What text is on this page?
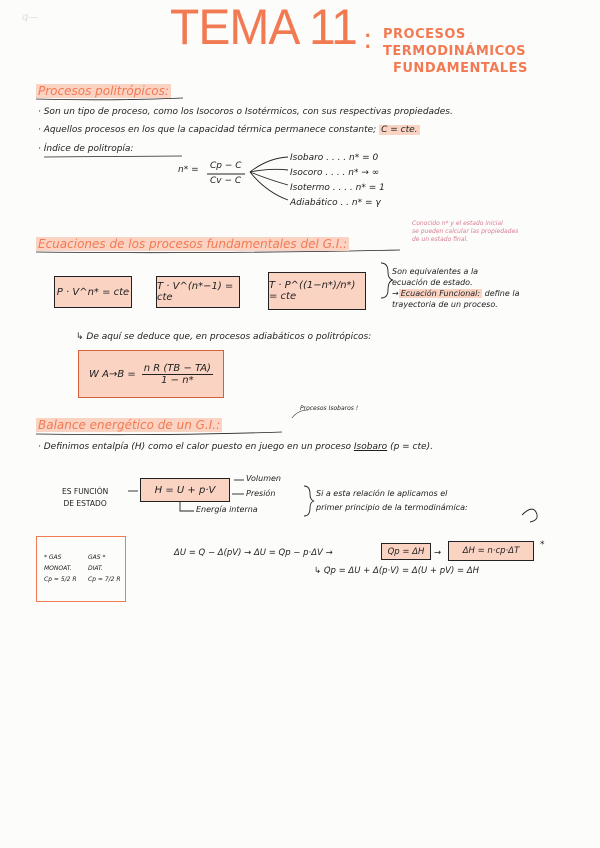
q—	TEMA 11 : PROCESOS TERMODINÁMICOS
FUNDAMENTALES
Procesos politrópicos:
· Son un tipo de proceso, como los Isocoros o Isotérmicos, con sus respectivas propiedades.
· Aquellos procesos en los que la capacidad térmica permanece constante; C = cte.
· Índice de politropía:
n* = Cp − C
Cv − C
Isobaro . . . . n* = 0
Isocoro . . . . n* → ∞
Isotermo . . . . n* = 1
Adiabático . . n* = γ
Ecuaciones de los procesos fundamentales del G.I.:
Conocido n* y el estado inicial
se pueden calcular las propiedades
de un estado final.
P · V^n* = cte	T · V^(n*−1) = cte
T · P^((1−n*)/n*) = cte
Son equivalentes a la
ecuación de estado.
→ Ecuación Funcional: define la
trayectoria de un proceso.
↳ De aquí se deduce que, en procesos adiabáticos o politrópicos:
W $A\to B = \frac{\text{n R (TB − TA)}}{1 - n*}$
Procesos Isobaros !
Balance energético de un G.I.:
· Definimos entalpía (H) como el calor puesto en juego en un proceso Isobaro (p = cte).
ES FUNCIÓN
DE ESTADO
H = U + p·V
Volumen
Presión
Energía interna
Si a esta relación le aplicamos el
primer principio de la termodinámica:
* GAS
MONOAT.
Cp = 5/2 R
GAS *
DIAT.
Cp = 7/2 R
ΔU = Q − Δ(pV) → ΔU = Qp − p·ΔV →	Qp = ΔH	→	ΔH = n·cp·ΔT
*
↳ Qp = ΔU + Δ(p·V) = Δ(U + pV) = ΔH
